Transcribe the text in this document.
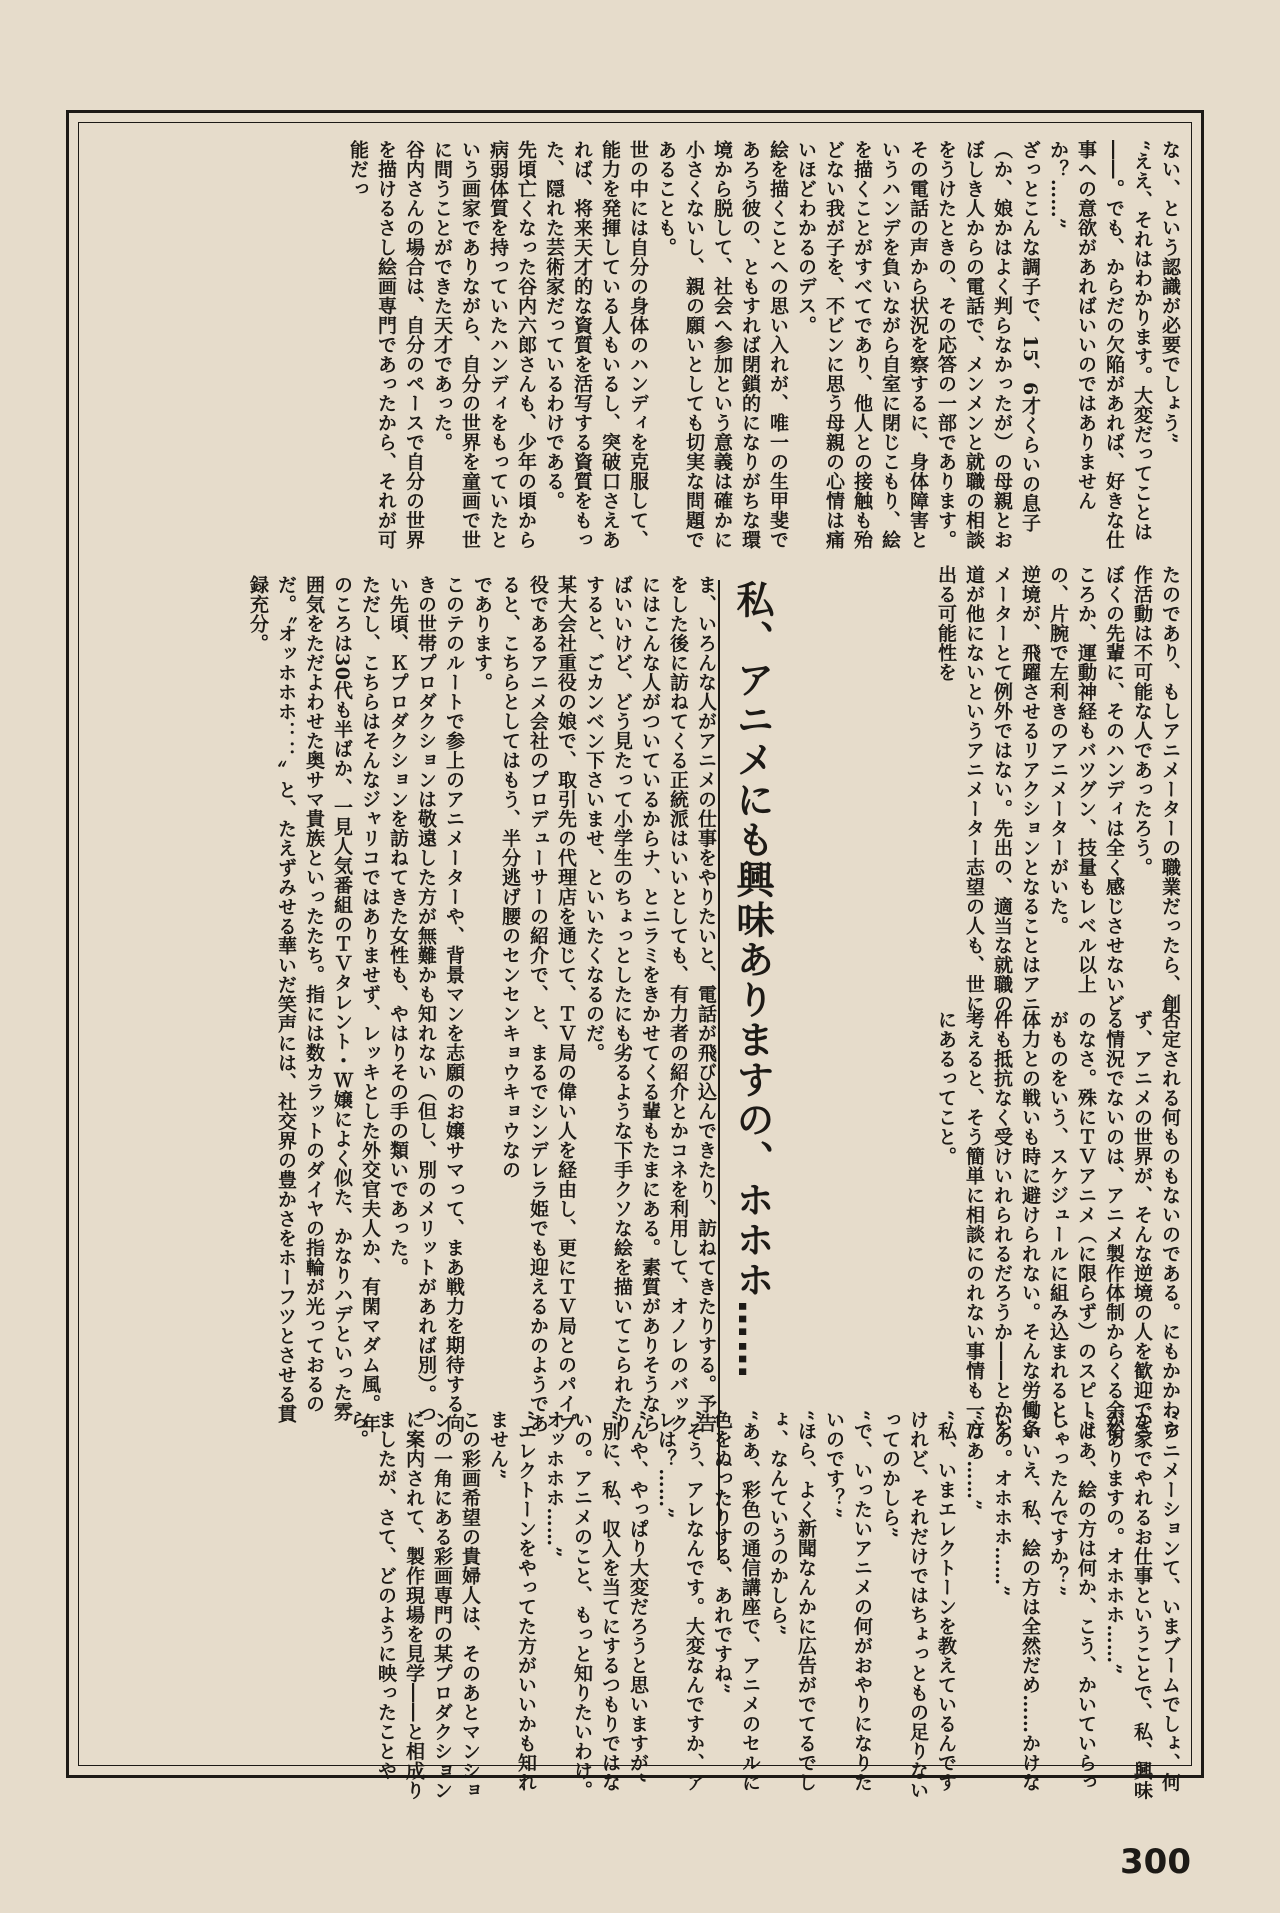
ない、という認識が必要でしょう”
“ええ、それはわかります。大変だってことは――。でも、からだの欠陥があれば、好きな仕事への意欲があればいいのではありませんか？……”
ざっとこんな調子で、15、6才くらいの息子（か、娘かはよく判らなかったが）の母親とおぼしき人からの電話で、メンメンと就職の相談をうけたときの、その応答の一部であります。
その電話の声から状況を察するに、身体障害というハンデを負いながら自室に閉じこもり、絵を描くことがすべてであり、他人との接触も殆どない我が子を、不ビンに思う母親の心情は痛いほどわかるのデス。
絵を描くことへの思い入れが、唯一の生甲斐であろう彼の、ともすれば閉鎖的になりがちな環境から脱して、社会へ参加という意義は確かに小さくないし、親の願いとしても切実な問題であることも。
世の中には自分の身体のハンディを克服して、能力を発揮している人もいるし、突破口さえあれば、将来天才的な資質を活写する資質をもった、隠れた芸術家だっているわけである。
先頃亡くなった谷内六郎さんも、少年の頃から病弱体質を持っていたハンディをもっていたという画家でありながら、自分の世界を童画で世に問うことができた天才であった。
谷内さんの場合は、自分のペースで自分の世界を描けるさし絵画専門であったから、それが可能だっ

たのであり、もしアニメーターの職業だったら、創作活動は不可能な人であったろう。
ぼくの先輩に、そのハンディは全く感じさせないどころか、運動神経もバツグン、技量もレベル以上の、片腕で左利きのアニメーターがいた。
逆境が、飛躍させるリアクションとなることはアニメーターとて例外ではない。先出の、適当な就職の道が他にないというアニメーター志望の人も、世に出る可能性を

否定される何ものもないのである。にもかかわらず、アニメの世界が、そんな逆境の人を歓迎できる情況でないのは、アニメ製作体制からくる余裕のなさ。殊にＴＶアニメ（に限らず）のスピードがものをいう、スケジュールに組み込まれると、体力との戦いも時に避けられない。そんな労働条件も抵抗なく受けいれられるだろうか――とかを考えると、そう簡単に相談にのれない事情も一方にあるってこと。

私、アニメにも興味ありますの、ホホホ……

ま、いろんな人がアニメの仕事をやりたいと、電話が飛び込んできたり、訪ねてきたりする。予告をした後に訪ねてくる正統派はいいとしても、有力者の紹介とかコネを利用して、オノレのバックにはこんな人がついているからナ、とニラミをきかせてくる輩もたまにある。素質がありそうならばいいけど、どう見たって小学生のちょっとしたにも劣るような下手クソな絵を描いてこられたりすると、ごカンベン下さいませ、といいたくなるのだ。
某大会社重役の娘で、取引先の代理店を通じて、ＴＶ局の偉い人を経由し、更にＴＶ局とのパイプ役であるアニメ会社のプロデューサーの紹介で、と、まるでシンデレラ姫でも迎えるかのようであると、こちらとしてはもう、半分逃げ腰のセンセンキョウキョウなの
であります。
このテのルートで参上のアニメーターや、背景マンを志願のお嬢サマって、まあ戦力を期待する向きの世帯プロダクションは敬遠した方が無難かも知れない（但し、別のメリットがあれば別）。つい先頃、Ｋプロダクションを訪ねてきた女性も、やはりその手の類いであった。
ただし、こちらはそんなジャリコではありませず、レッキとした外交官夫人か、有閑マダム風。年のころは30代も半ばか、一見人気番組のＴＶタレント・Ｗ嬢によく似た、かなりハデといった雰囲気をただよわせた奥サマ貴族といったたち。指には数カラットのダイヤの指輪が光っておるのだ。〝オッホホホ：：〟と、たえずみせる華いだ笑声には、社交界の豊かさをホーフツとさせる貫録充分。

“アニメーションて、いまブームでしょ、何か家でやれるお仕事ということで、私、興味がありますの。オホホホ……”
“はあ、絵の方は何か、こう、かいていらっしゃったんですか？”
“いいえ、私、絵の方は全然だめ……かけないの。オホホホ……”
“はあ……”
“私、いまエレクトーンを教えているんですけれど、それだけではちょっともの足りないってのかしら”
“で、いったいアニメの何がおやりになりたいのです？”
“ほら、よく新聞なんかに広告がでてるでしょ、なんていうのかしら”
“ああ、彩色の通信講座で、アニメのセルに色をぬったりする、あれですね”
“そう、アレなんです。大変なんですか、アレは？……”
“んや、やっぱり大変だろうと思いますが”
“別に、私、収入を当てにするつもりではないの。アニメのこと、もっと知りたいわけ。オッホホホ……”
“エレクトーンをやってた方がいいかも知れません”
この彩画希望の貴婦人は、そのあとマンションの一角にある彩画専門の某プロダクションに案内されて、製作現場を見学――と相成りましたが、さて、どのように映ったことやら。

300
